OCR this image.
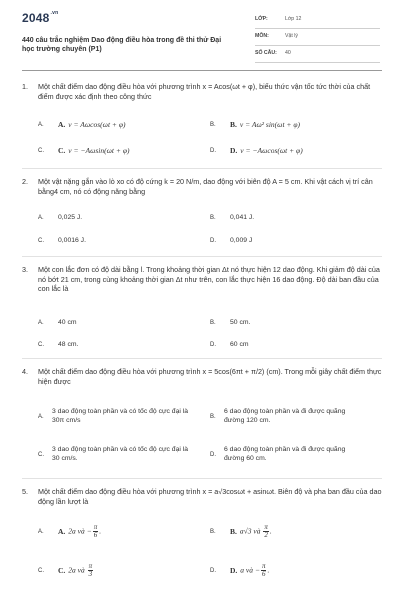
$2048^{.vn}$
440 câu trắc nghiệm Dao động điều hòa trong đề thi thử Đại học trường chuyên (P1)
LỚP:	Lớp 12
MÔN:	Vật lý
SỐ CÂU:	40
1.	Một chất điểm dao động điều hòa với phương trình x = Acos(ωt + φ), biểu thức vận tốc tức thời của chất điểm được xác định theo công thức
A.	A. v = Aωcos(ωt + φ)	B.	B. v = Aω² sin(ωt + φ)
C.	C. v = −Aωsin(ωt + φ)	D.	D. v = −Aωcos(ωt + φ)
2.	Một vật nặng gắn vào lò xo có độ cứng k = 20 N/m, dao động với biên độ A = 5 cm. Khi vật cách vị trí cân bằng4 cm, nó có động năng bằng
A.	0,025 J.	B.	0,041 J.
C.	0,0016 J.	D.	0,009 J
3.	Một con lắc đơn có độ dài bằng l. Trong khoảng thời gian Δt nó thực hiện 12 dao động. Khi giảm độ dài của nó bớt 21 cm, trong cùng khoảng thời gian Δt như trên, con lắc thực hiện 16 dao động. Độ dài ban đầu của con lắc là
A.	40 cm	B.	50 cm.
C.	48 cm.	D.	60 cm
4.	Một chất điểm dao động điều hòa với phương trình x = 5cos(6πt + π/2) (cm). Trong mỗi giây chất điểm thực hiện được
A.
3 dao động toàn phần và có tốc độ cực đại là 30π cm/s
B.
6 dao động toàn phần và đi được quãng đường 120 cm.
C.
3 dao động toàn phần và có tốc độ cực đại là 30 cm/s.
D.
6 dao động toàn phần và đi được quãng đường 60 cm.
5.	Một chất điểm dao động điều hòa với phương trình x = a√3cosωt + asinωt. Biên độ và pha ban đầu của dao động lần lượt là
A.	A. 2a và − $\frac{\pi}{6}$ .	B.	B. a√3 và $\frac{\pi}{2}$ .
C.	C. 2a và $\frac{\pi}{3}$	D.	D. a và − $\frac{\pi}{6}$ .
